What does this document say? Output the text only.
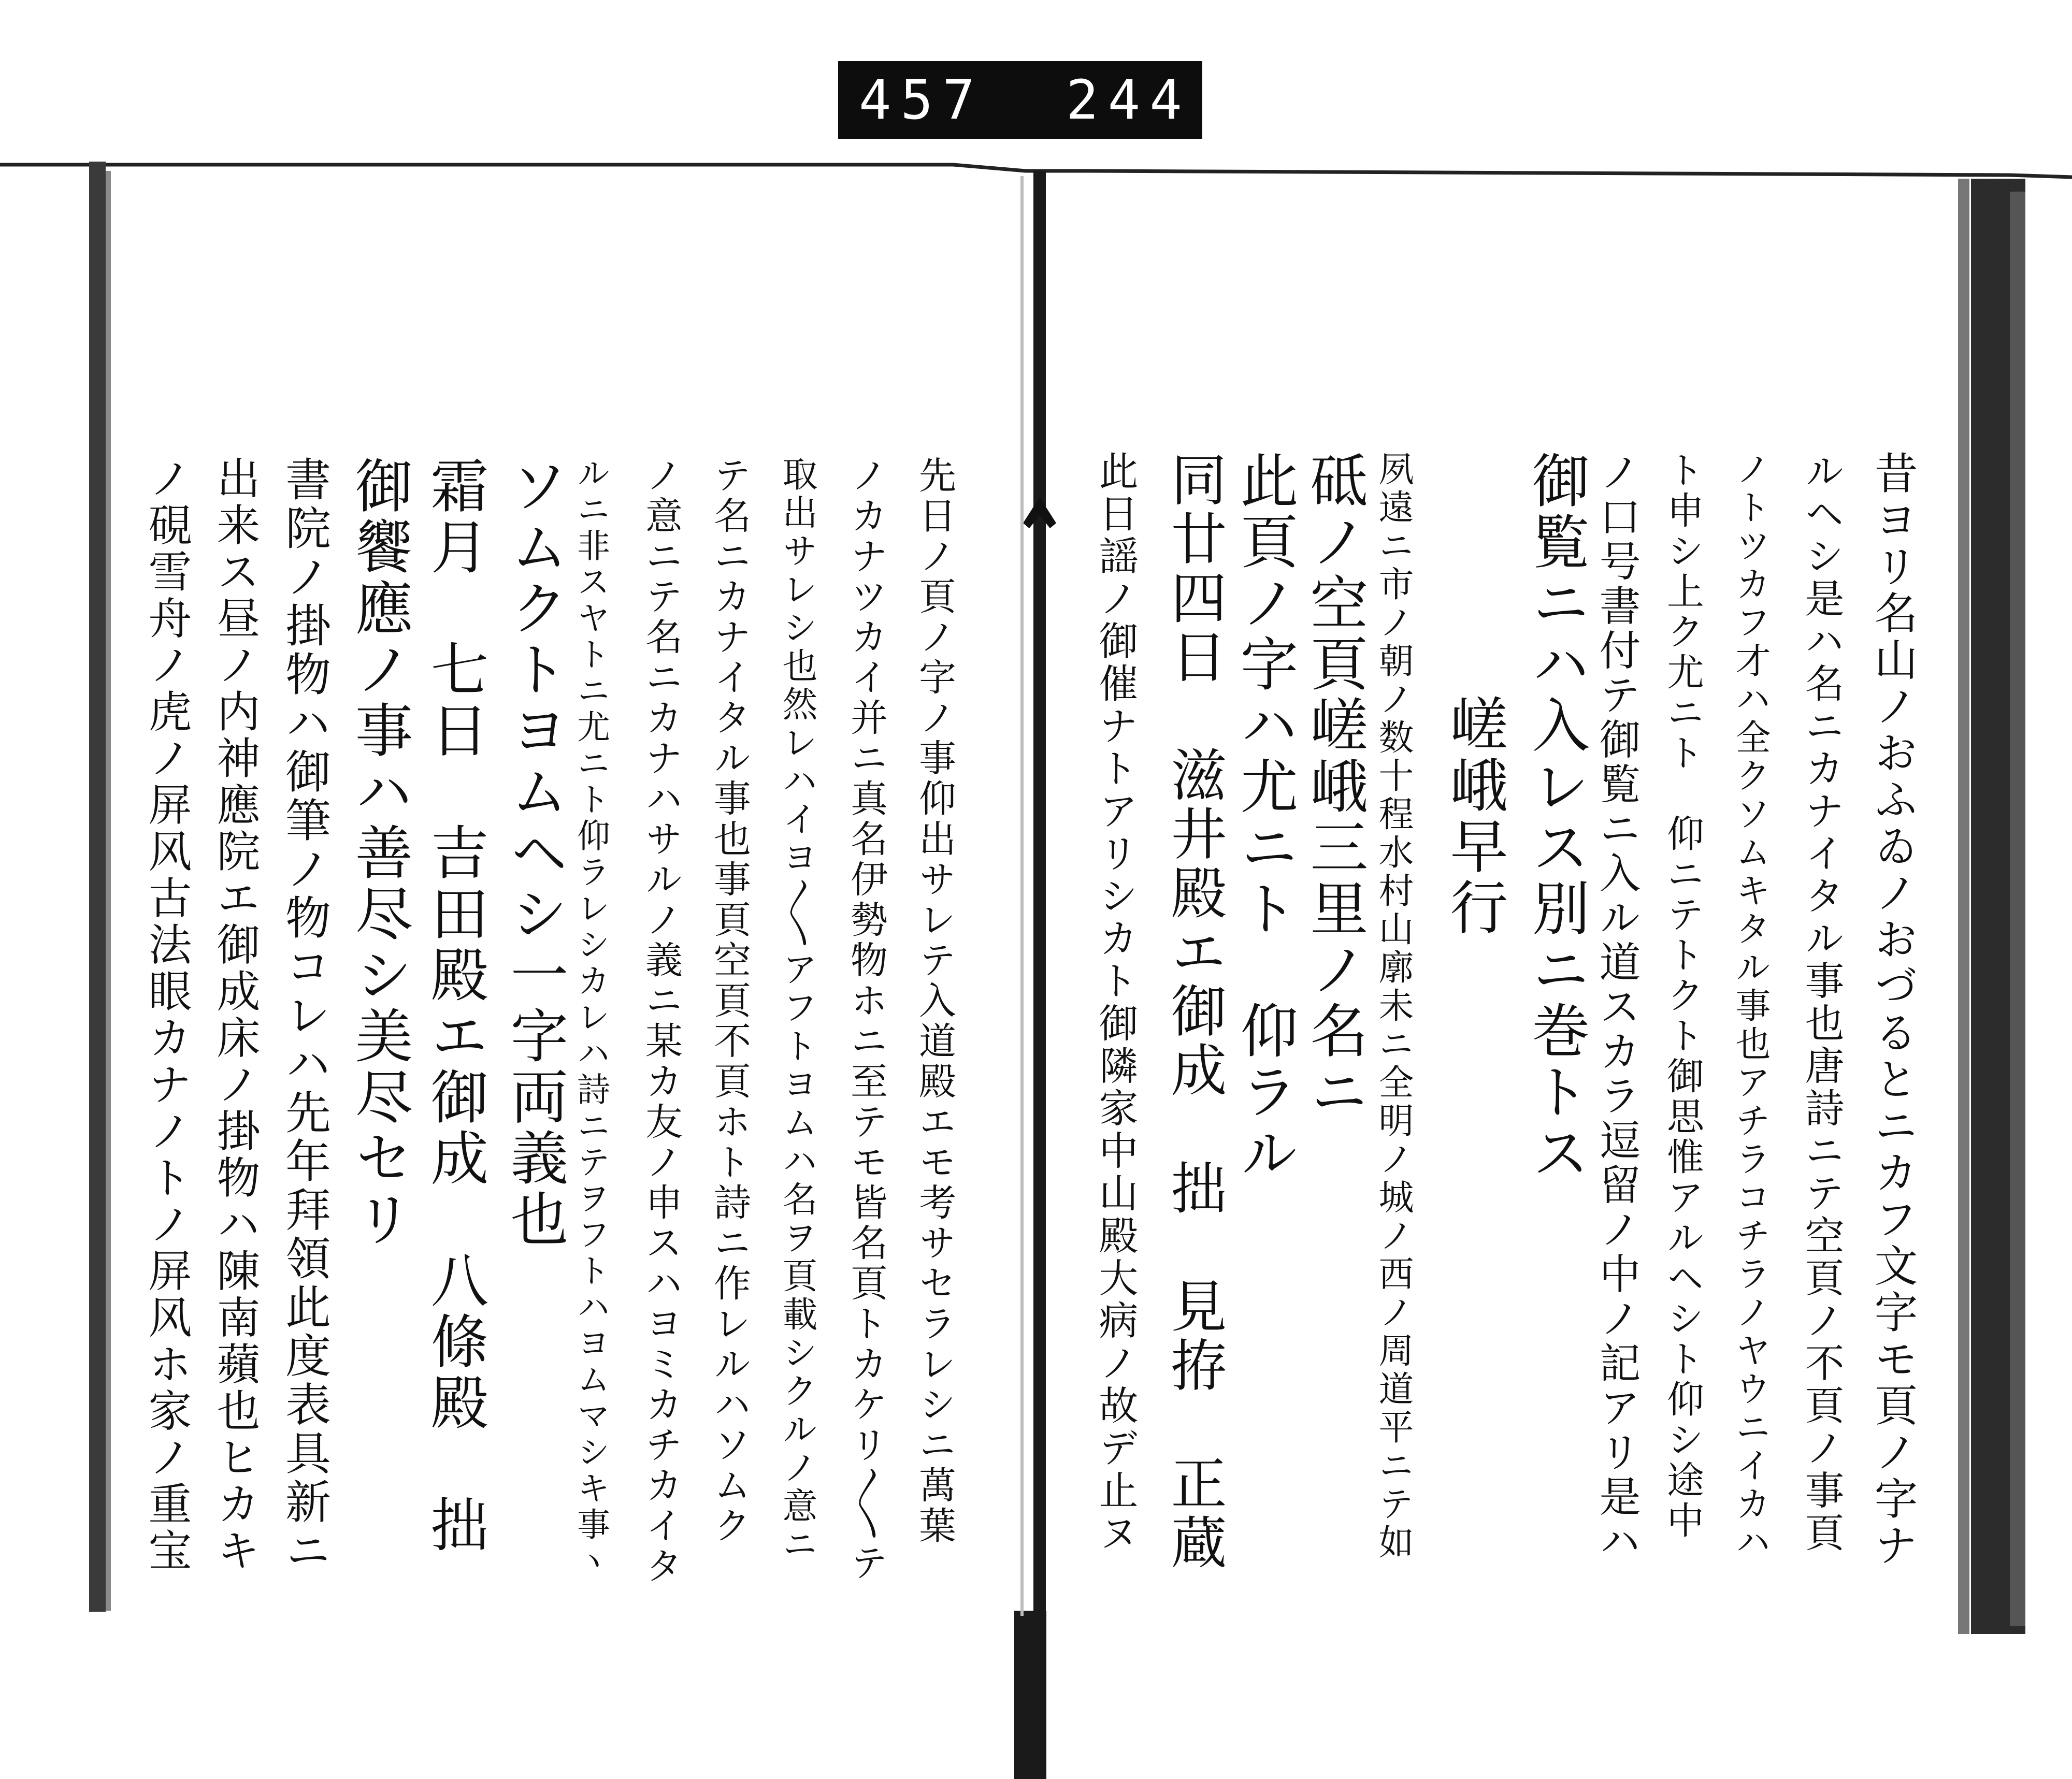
457 244.
昔ヨリ名山ノおふゐノおづるとニカフ文字モ頁ノ字ナ
ルヘシ是ハ名ニカナイタル事也唐詩ニテ空頁ノ不頁ノ事頁
ノトツカフ才ハ全クソムキタル事也アチラコチラノヤウニイカハ
ト申シ上ク尤ニト　仰ニテトクト御思惟アルヘシト仰シ途中
ノ口号書付テ御覧ニ入ル道スカラ逗留ノ中ノ記アリ是ハ
御覧ニハ入レス別ニ巻トス
嵯峨早行
夙遠ニ市ノ朝ノ数十程水村山廓未ニ全明ノ城ノ西ノ周道平ニテ如
砥ノ空頁嵯峨三里ノ名ニ
此頁ノ字ハ尤ニト　仰ラル
同廿四日　滋井殿エ御成　拙　見拵　正蔵
此日謡ノ御催ナトアリシカト御隣家中山殿大病ノ故デ止ヌ
先日ノ頁ノ字ノ事仰出サレテ入道殿エモ考サセラレシニ萬葉
ノカナツカイ并ニ真名伊勢物ホニ至テモ皆名頁トカケリ〳〵テ
取出サレシ也然レハイヨ〳〵アフトヨムハ名ヲ頁載シクルノ意ニ
テ名ニカナイタル事也事頁空頁不頁ホト詩ニ作レルハソムク
ノ意ニテ名ニカナハサルノ義ニ某カ友ノ申スハヨミカチカイタ
ルニ非スヤトニ尤ニト仰ラレシカレハ詩ニテヲフトハヨムマシキ事ヽ
ソムクトヨムヘシ一字両義也
霜月　七日　吉田殿エ御成　八條殿　拙
御饗應ノ事ハ善尽シ美尽セリ
書院ノ掛物ハ御筆ノ物コレハ先年拜領此度表具新ニ
出来ス昼ノ内神應院エ御成床ノ掛物ハ陳南蘋也ヒカキ
ノ硯雪舟ノ虎ノ屏风古法眼カナノトノ屏风ホ家ノ重宝
